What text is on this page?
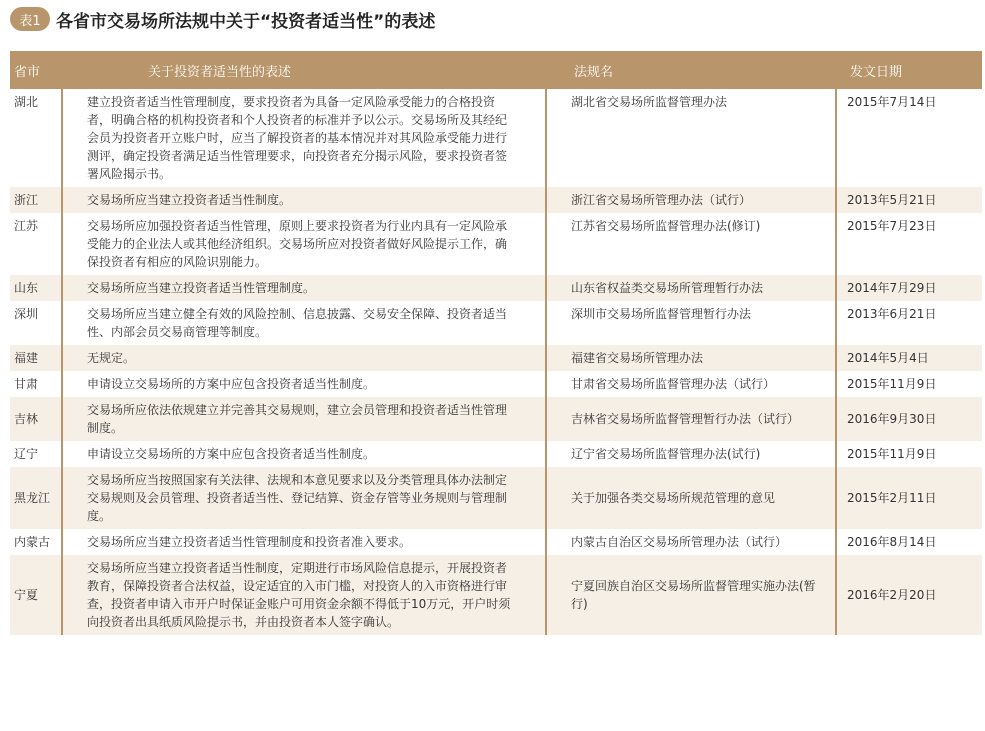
表1 各省市交易场所法规中关于“投资者适当性”的表述
省市	关于投资者适当性的表述	法规名	发文日期
湖北	建立投资者适当性管理制度，要求投资者为具备一定风险承受能力的合格投资者，明确合格的机构投资者和个人投资者的标准并予以公示。交易场所及其经纪会员为投资者开立账户时，应当了解投资者的基本情况并对其风险承受能力进行测评，确定投资者满足适当性管理要求，向投资者充分揭示风险，要求投资者签署风险揭示书。	湖北省交易场所监督管理办法	2015年7月14日
浙江	交易场所应当建立投资者适当性制度。	浙江省交易场所管理办法（试行）	2013年5月21日
江苏	交易场所应加强投资者适当性管理，原则上要求投资者为行业内具有一定风险承受能力的企业法人或其他经济组织。交易场所应对投资者做好风险提示工作，确保投资者有相应的风险识别能力。	江苏省交易场所监督管理办法(修订)	2015年7月23日
山东	交易场所应当建立投资者适当性管理制度。	山东省权益类交易场所管理暂行办法	2014年7月29日
深圳	交易场所应当建立健全有效的风险控制、信息披露、交易安全保障、投资者适当性、内部会员交易商管理等制度。	深圳市交易场所监督管理暂行办法	2013年6月21日
福建	无规定。	福建省交易场所管理办法	2014年5月4日
甘肃	申请设立交易场所的方案中应包含投资者适当性制度。	甘肃省交易场所监督管理办法（试行）	2015年11月9日
吉林	交易场所应依法依规建立并完善其交易规则，建立会员管理和投资者适当性管理制度。	吉林省交易场所监督管理暂行办法（试行）	2016年9月30日
辽宁	申请设立交易场所的方案中应包含投资者适当性制度。	辽宁省交易场所监督管理办法(试行)	2015年11月9日
黑龙江	交易场所应当按照国家有关法律、法规和本意见要求以及分类管理具体办法制定交易规则及会员管理、投资者适当性、登记结算、资金存管等业务规则与管理制度。	关于加强各类交易场所规范管理的意见	2015年2月11日
内蒙古	交易场所应当建立投资者适当性管理制度和投资者准入要求。	内蒙古自治区交易场所管理办法（试行）	2016年8月14日
宁夏	交易场所应当建立投资者适当性制度，定期进行市场风险信息提示，开展投资者教育，保障投资者合法权益，设定适宜的入市门槛，对投资人的入市资格进行审查，投资者申请入市开户时保证金账户可用资金余额不得低于10万元，开户时须向投资者出具纸质风险提示书，并由投资者本人签字确认。	宁夏回族自治区交易场所监督管理实施办法(暂行)	2016年2月20日
